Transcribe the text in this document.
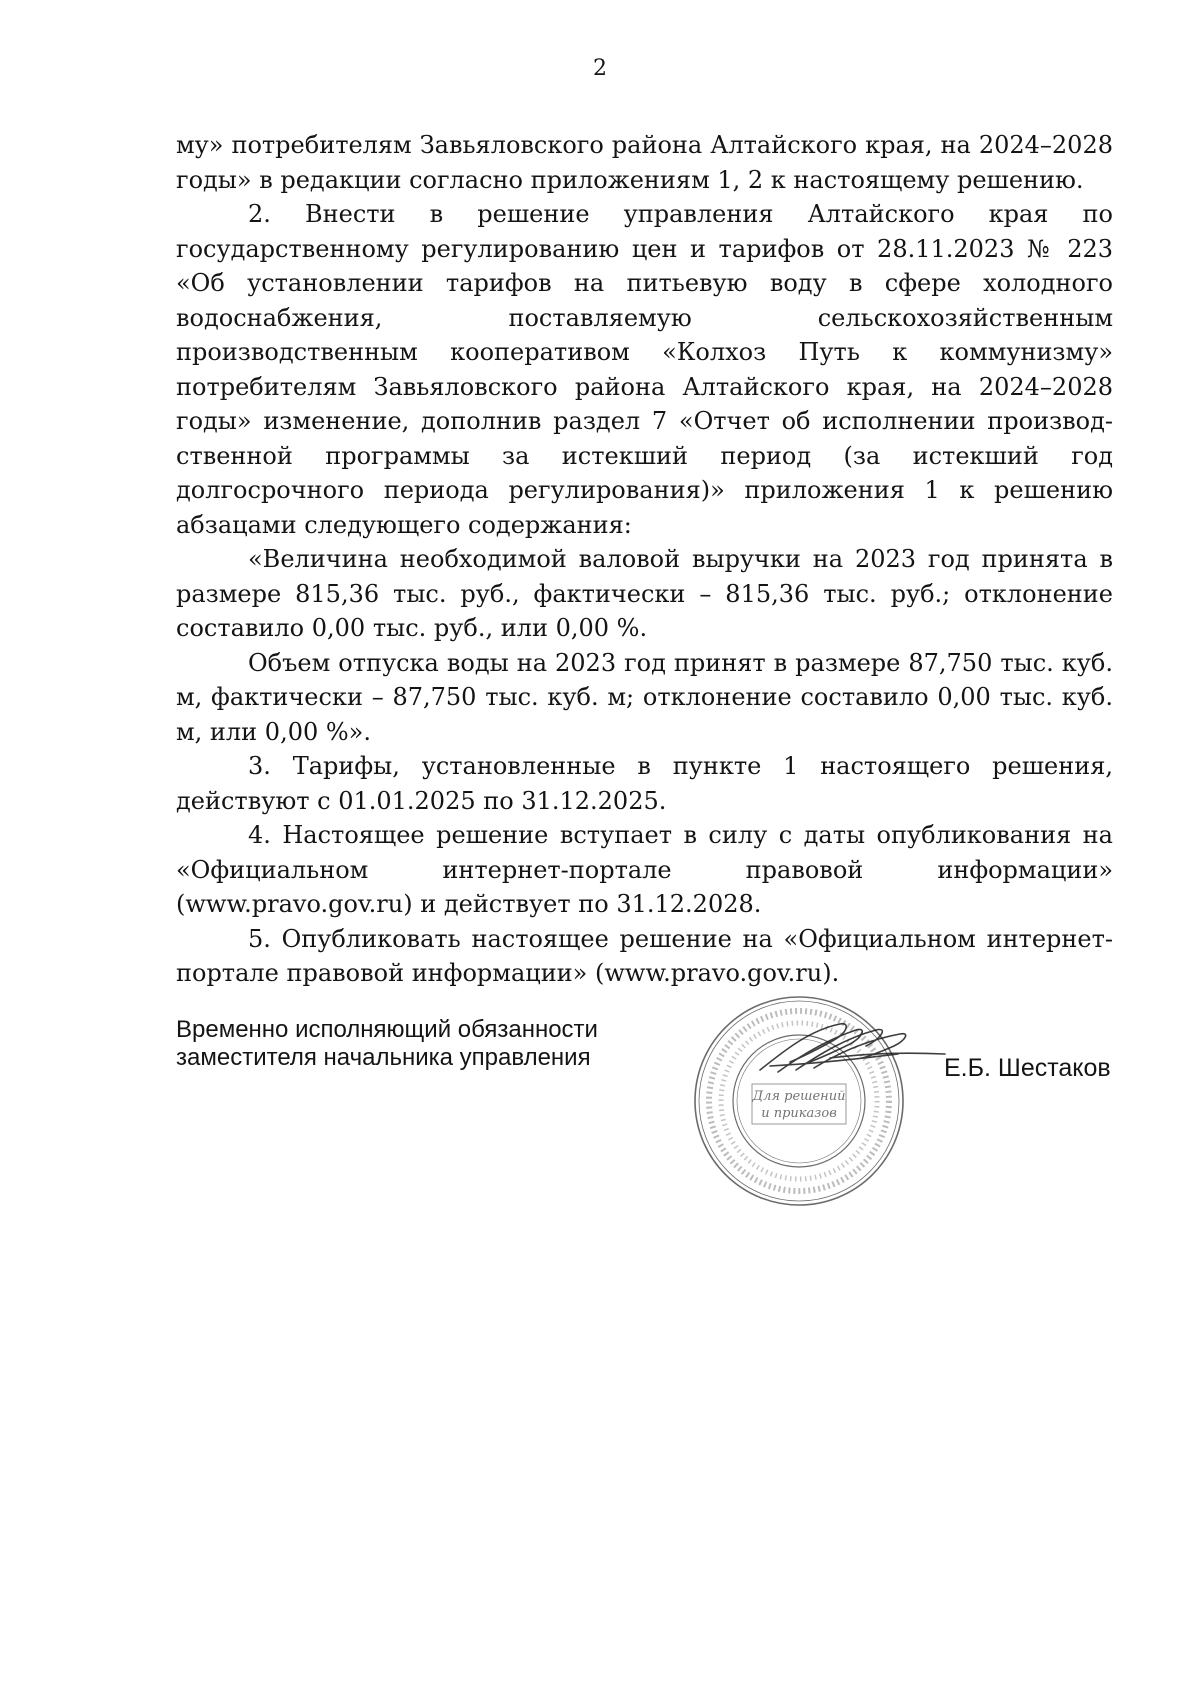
2

му» потребителям Завьяловского района Алтайского края, на 2024–2028 годы» в редакции согласно приложениям 1, 2 к настоящему решению.

2. Внести в решение управления Алтайского края по государственному регулированию цен и тарифов от 28.11.2023 № 223 «Об установлении тарифов на питьевую воду в сфере холодного водоснабжения, поставляемую сельскохозяйственным производственным кооперативом «Колхоз Путь к коммунизму» потребителям Завьяловского района Алтайского края, на 2024–2028 годы» изменение, дополнив раздел 7 «Отчет об исполнении производственной программы за истекший период (за истекший год долгосрочного периода регулирования)» приложения 1 к решению абзацами следующего содержания:

«Величина необходимой валовой выручки на 2023 год принята в размере 815,36 тыс. руб., фактически – 815,36 тыс. руб.; отклонение составило 0,00 тыс. руб., или 0,00 %.

Объем отпуска воды на 2023 год принят в размере 87,750 тыс. куб. м, фактически – 87,750 тыс. куб. м; отклонение составило 0,00 тыс. куб. м, или 0,00 %».

3. Тарифы, установленные в пункте 1 настоящего решения, действуют с 01.01.2025 по 31.12.2025.

4. Настоящее решение вступает в силу с даты опубликования на «Официальном интернет-портале правовой информации» (www.pravo.gov.ru) и действует по 31.12.2028.

5. Опубликовать настоящее решение на «Официальном интернет-портале правовой информации» (www.pravo.gov.ru).

Временно исполняющий обязанности
заместителя начальника управления
Для решений
и приказов
Е.Б. Шестаков
